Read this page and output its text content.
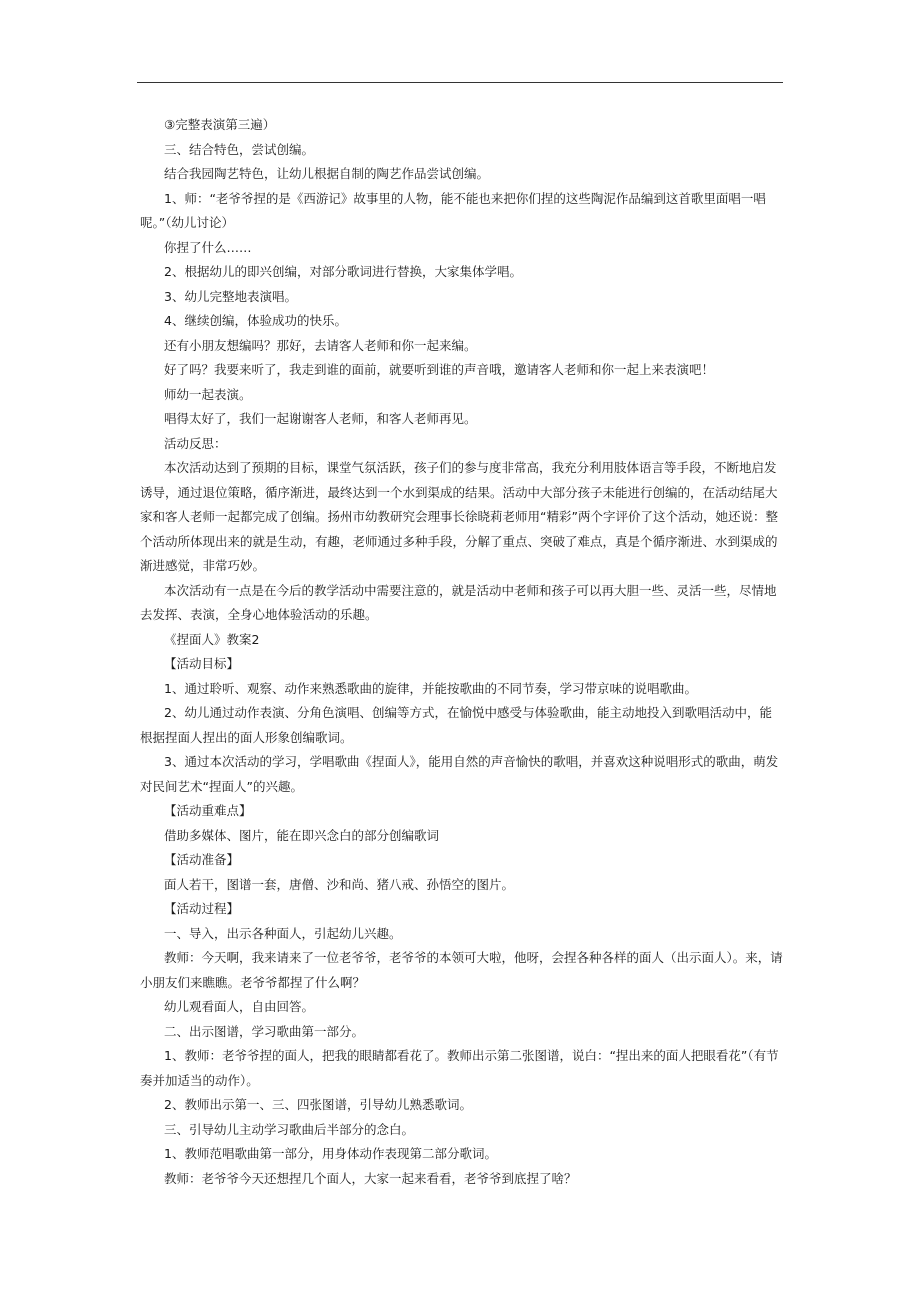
③完整表演第三遍）

三、结合特色，尝试创编。

结合我园陶艺特色，让幼儿根据自制的陶艺作品尝试创编。

1、师：“老爷爷捏的是《西游记》故事里的人物，能不能也来把你们捏的这些陶泥作品编到这首歌里面唱一唱呢。”（幼儿讨论）

你捏了什么……

2、根据幼儿的即兴创编，对部分歌词进行替换，大家集体学唱。

3、幼儿完整地表演唱。

4、继续创编，体验成功的快乐。

还有小朋友想编吗？那好，去请客人老师和你一起来编。

好了吗？我要来听了，我走到谁的面前，就要听到谁的声音哦，邀请客人老师和你一起上来表演吧！

师幼一起表演。

唱得太好了，我们一起谢谢客人老师，和客人老师再见。

活动反思：

本次活动达到了预期的目标，课堂气氛活跃，孩子们的参与度非常高，我充分利用肢体语言等手段，不断地启发诱导，通过退位策略，循序渐进，最终达到一个水到渠成的结果。活动中大部分孩子未能进行创编的，在活动结尾大家和客人老师一起都完成了创编。扬州市幼教研究会理事长徐晓莉老师用“精彩”两个字评价了这个活动，她还说：整个活动所体现出来的就是生动，有趣，老师通过多种手段，分解了重点、突破了难点，真是个循序渐进、水到渠成的渐进感觉，非常巧妙。

本次活动有一点是在今后的教学活动中需要注意的，就是活动中老师和孩子可以再大胆一些、灵活一些，尽情地去发挥、表演，全身心地体验活动的乐趣。

《捏面人》教案2

【活动目标】

1、通过聆听、观察、动作来熟悉歌曲的旋律，并能按歌曲的不同节奏，学习带京味的说唱歌曲。

2、幼儿通过动作表演、分角色演唱、创编等方式，在愉悦中感受与体验歌曲，能主动地投入到歌唱活动中，能根据捏面人捏出的面人形象创编歌词。

3、通过本次活动的学习，学唱歌曲《捏面人》，能用自然的声音愉快的歌唱，并喜欢这种说唱形式的歌曲，萌发对民间艺术“捏面人”的兴趣。

【活动重难点】

借助多媒体、图片，能在即兴念白的部分创编歌词

【活动准备】

面人若干，图谱一套，唐僧、沙和尚、猪八戒、孙悟空的图片。

【活动过程】

一、导入，出示各种面人，引起幼儿兴趣。

教师：今天啊，我来请来了一位老爷爷，老爷爷的本领可大啦，他呀，会捏各种各样的面人（出示面人）。来，请小朋友们来瞧瞧。老爷爷都捏了什么啊？

幼儿观看面人，自由回答。

二、出示图谱，学习歌曲第一部分。

1、教师：老爷爷捏的面人，把我的眼睛都看花了。教师出示第二张图谱，说白：“捏出来的面人把眼看花”（有节奏并加适当的动作）。

2、教师出示第一、三、四张图谱，引导幼儿熟悉歌词。

三、引导幼儿主动学习歌曲后半部分的念白。

1、教师范唱歌曲第一部分，用身体动作表现第二部分歌词。

教师：老爷爷今天还想捏几个面人，大家一起来看看，老爷爷到底捏了啥？
